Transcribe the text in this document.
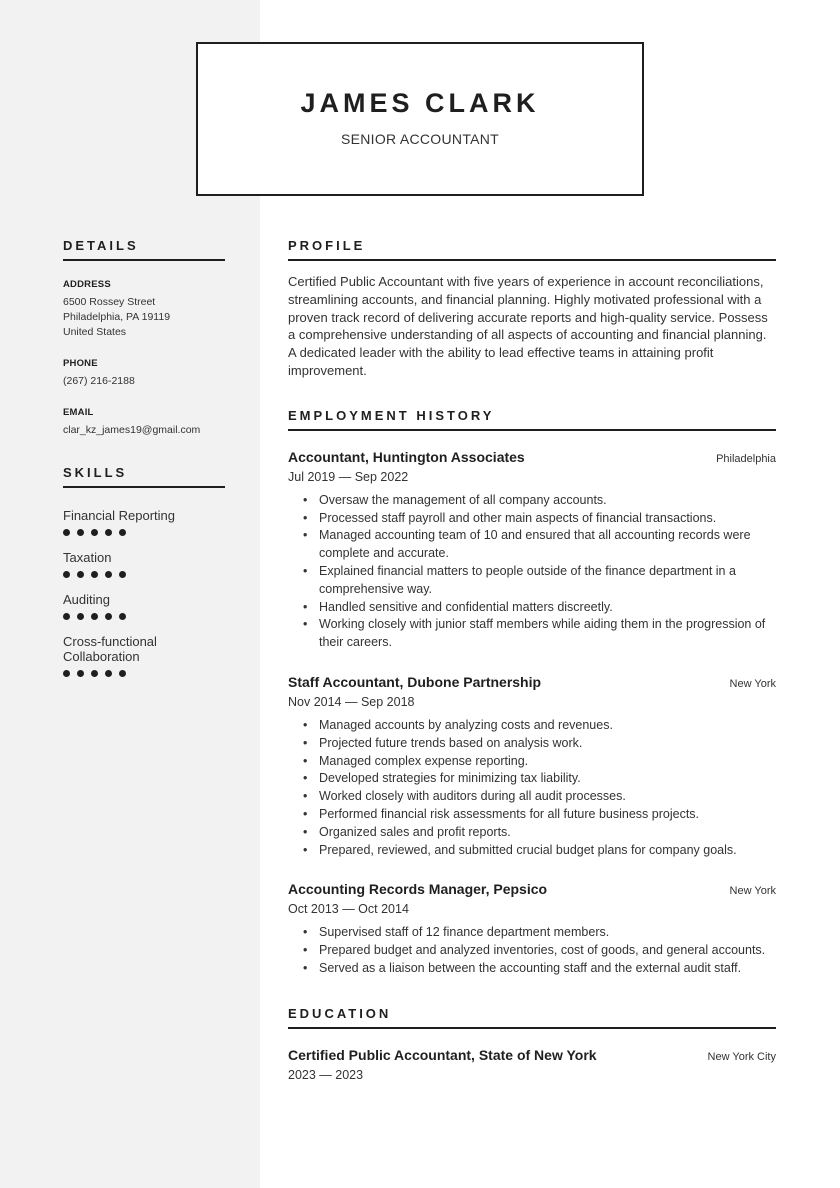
JAMES CLARK
SENIOR ACCOUNTANT
DETAILS
ADDRESS
6500 Rossey Street
Philadelphia, PA 19119
United States
PHONE
(267) 216-2188
EMAIL
clar_kz_james19@gmail.com
SKILLS
Financial Reporting
Taxation
Auditing
Cross-functional Collaboration
PROFILE

Certified Public Accountant with five years of experience in account reconciliations, streamlining accounts, and financial planning. Highly motivated professional with a proven track record of delivering accurate reports and high-quality service. Possess a comprehensive understanding of all aspects of accounting and financial planning. A dedicated leader with the ability to lead effective teams in attaining profit improvement.

EMPLOYMENT HISTORY
Accountant, Huntington Associates	Philadelphia
Jul 2019 — Sep 2022
• Oversaw the management of all company accounts.
• Processed staff payroll and other main aspects of financial transactions.
• Managed accounting team of 10 and ensured that all accounting records were complete and accurate.
• Explained financial matters to people outside of the finance department in a comprehensive way.
• Handled sensitive and confidential matters discreetly.
• Working closely with junior staff members while aiding them in the progression of their careers.
Staff Accountant, Dubone Partnership	New York
Nov 2014 — Sep 2018
• Managed accounts by analyzing costs and revenues.
• Projected future trends based on analysis work.
• Managed complex expense reporting.
• Developed strategies for minimizing tax liability.
• Worked closely with auditors during all audit processes.
• Performed financial risk assessments for all future business projects.
• Organized sales and profit reports.
• Prepared, reviewed, and submitted crucial budget plans for company goals.
Accounting Records Manager, Pepsico	New York
Oct 2013 — Oct 2014
• Supervised staff of 12 finance department members.
• Prepared budget and analyzed inventories, cost of goods, and general accounts.
• Served as a liaison between the accounting staff and the external audit staff.
EDUCATION
Certified Public Accountant, State of New York	New York City
2023 — 2023
